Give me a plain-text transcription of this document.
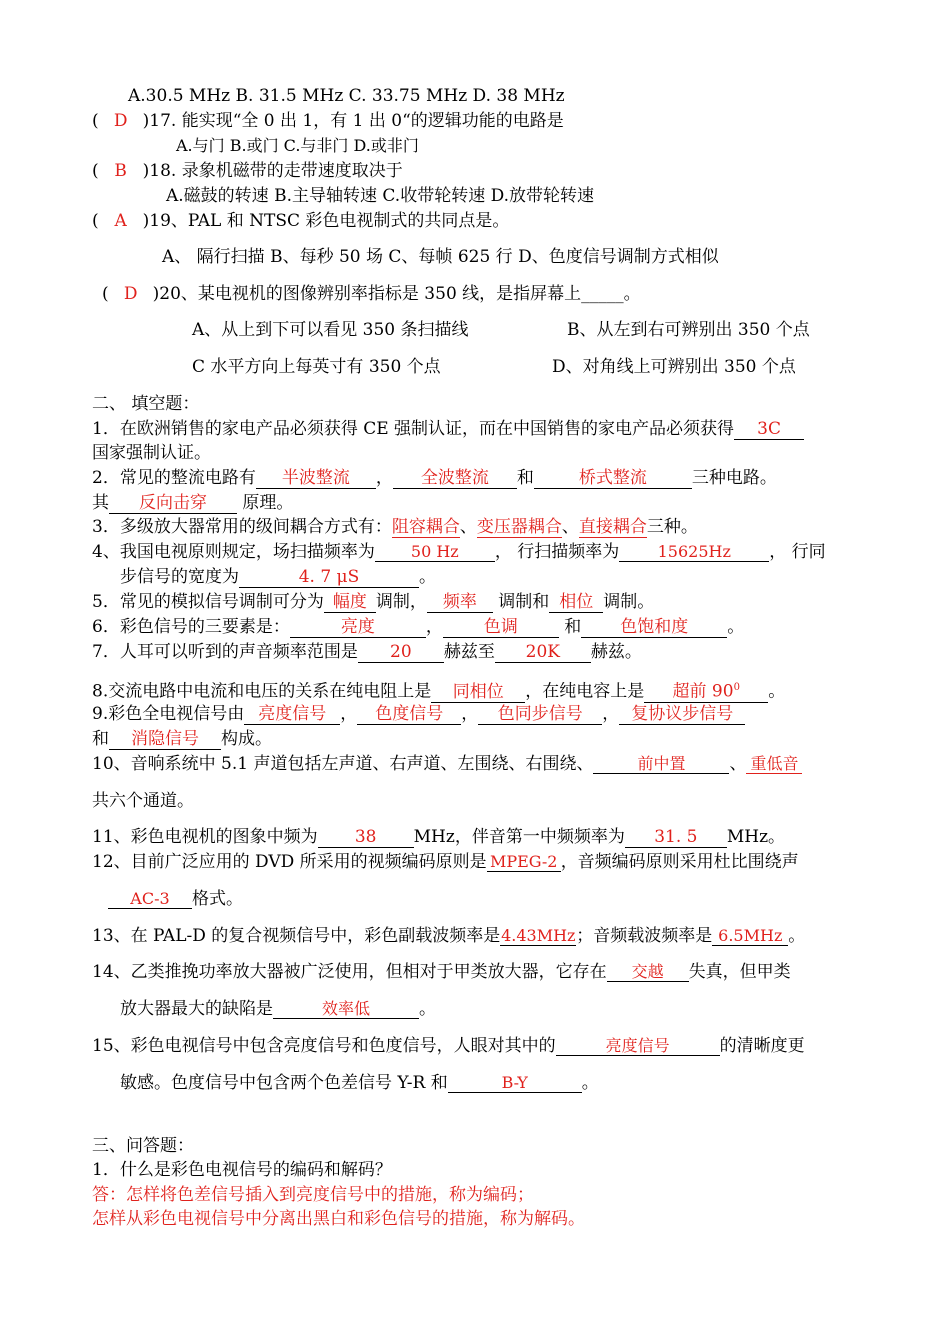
A.30.5 MHz B. 31.5 MHz C. 33.75 MHz D. 38 MHz
( D )17. 能实现“全 0 出 1，有 1 出 0“的逻辑功能的电路是
A.与门 B.或门 C.与非门 D.或非门
( B )18. 录象机磁带的走带速度取决于
A.磁鼓的转速 B.主导轴转速 C.收带轮转速 D.放带轮转速
( A )19、PAL 和 NTSC 彩色电视制式的共同点是。
A、 隔行扫描 B、每秒 50 场 C、每帧 625 行 D、色度信号调制方式相似
( D )20、某电视机的图像辨别率指标是 350 线，是指屏幕上_____。
A、从上到下可以看见 350 条扫描线	B、从左到右可辨别出 350 个点
C 水平方向上每英寸有 350 个点	D、对角线上可辨别出 350 个点
二、 填空题：
1．在欧洲销售的家电产品必须获得 CE 强制认证，而在中国销售的家电产品必须获得 3C
国家强制认证。
2．常见的整流电路有 半波整流 ， 全波整流 和	桥式整流	三种电路。
其 反向击穿 原理。
3．多级放大器常用的级间耦合方式有：阻容耦合、变压器耦合、直接耦合三种。
4、我国电视原则规定，场扫描频率为 50 Hz ， 行扫描频率为 15625Hz ， 行同
步信号的宽度为	4. 7 μS	。
5．常见的模拟信号调制可分为 幅度 调制， 频率 调制和 相位 调制。
6．彩色信号的三要素是：	亮度	， 色调 和 色饱和度 。
7．人耳可以听到的声音频率范围是 20 赫兹至 20K 赫兹。
8.交流电路中电流和电压的关系在纯电阻上是 同相位 ，在纯电容上是 超前 $90^0$ 。
9.彩色全电视信号由 亮度信号 ， 色度信号 ， 色同步信号 ， 复协议步信号
和 消隐信号 构成。
10、音响系统中 5.1 声道包括左声道、右声道、左围绕、右围绕、	前中置	、 重低音
共六个通道。
11、彩色电视机的图象中频为 38 MHz，伴音第一中频频率为 31. 5 MHz。
12、目前广泛应用的 DVD 所采用的视频编码原则是 MPEG-2 ，音频编码原则采用杜比围绕声
AC-3 格式。
13、在 PAL-D 的复合视频信号中，彩色副载波频率是4.43MHz；音频载波频率是 6.5MHz 。
14、乙类推挽功率放大器被广泛使用，但相对于甲类放大器，它存在 交越 失真，但甲类
放大器最大的缺陷是	效率低	。
15、彩色电视信号中包含亮度信号和色度信号，人眼对其中的	亮度信号	的清晰度更
敏感。色度信号中包含两个色差信号 Y-R 和	B-Y	。
三、问答题：
1．什么是彩色电视信号的编码和解码？
答：怎样将色差信号插入到亮度信号中的措施，称为编码；
怎样从彩色电视信号中分离出黑白和彩色信号的措施，称为解码。
